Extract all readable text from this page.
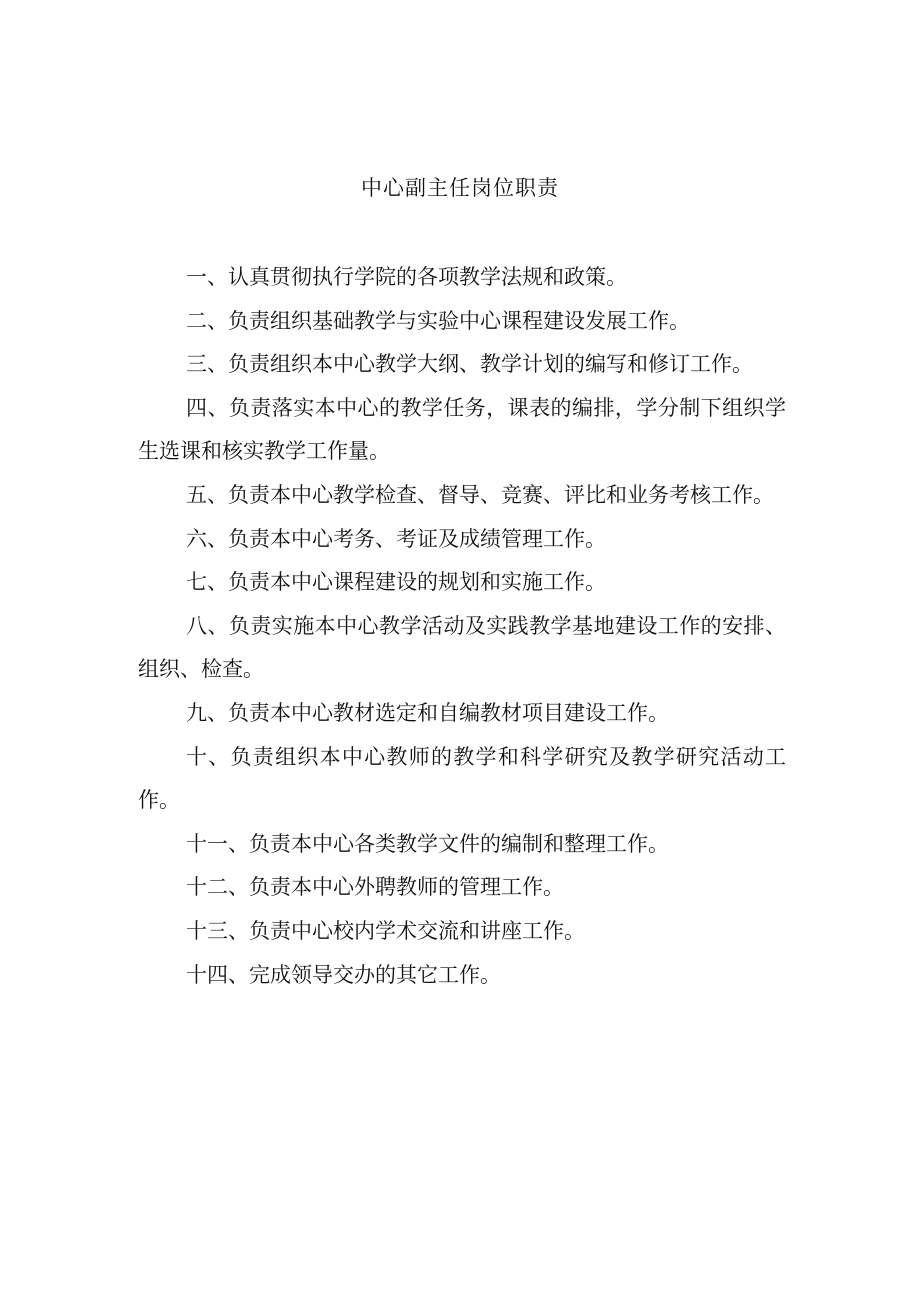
中心副主任岗位职责

一、认真贯彻执行学院的各项教学法规和政策。

二、负责组织基础教学与实验中心课程建设发展工作。

三、负责组织本中心教学大纲、教学计划的编写和修订工作。

四、负责落实本中心的教学任务，课表的编排，学分制下组织学生选课和核实教学工作量。

五、负责本中心教学检查、督导、竞赛、评比和业务考核工作。

六、负责本中心考务、考证及成绩管理工作。

七、负责本中心课程建设的规划和实施工作。

八、负责实施本中心教学活动及实践教学基地建设工作的安排、组织、检查。

九、负责本中心教材选定和自编教材项目建设工作。

十、负责组织本中心教师的教学和科学研究及教学研究活动工作。

十一、负责本中心各类教学文件的编制和整理工作。

十二、负责本中心外聘教师的管理工作。

十三、负责中心校内学术交流和讲座工作。

十四、完成领导交办的其它工作。
